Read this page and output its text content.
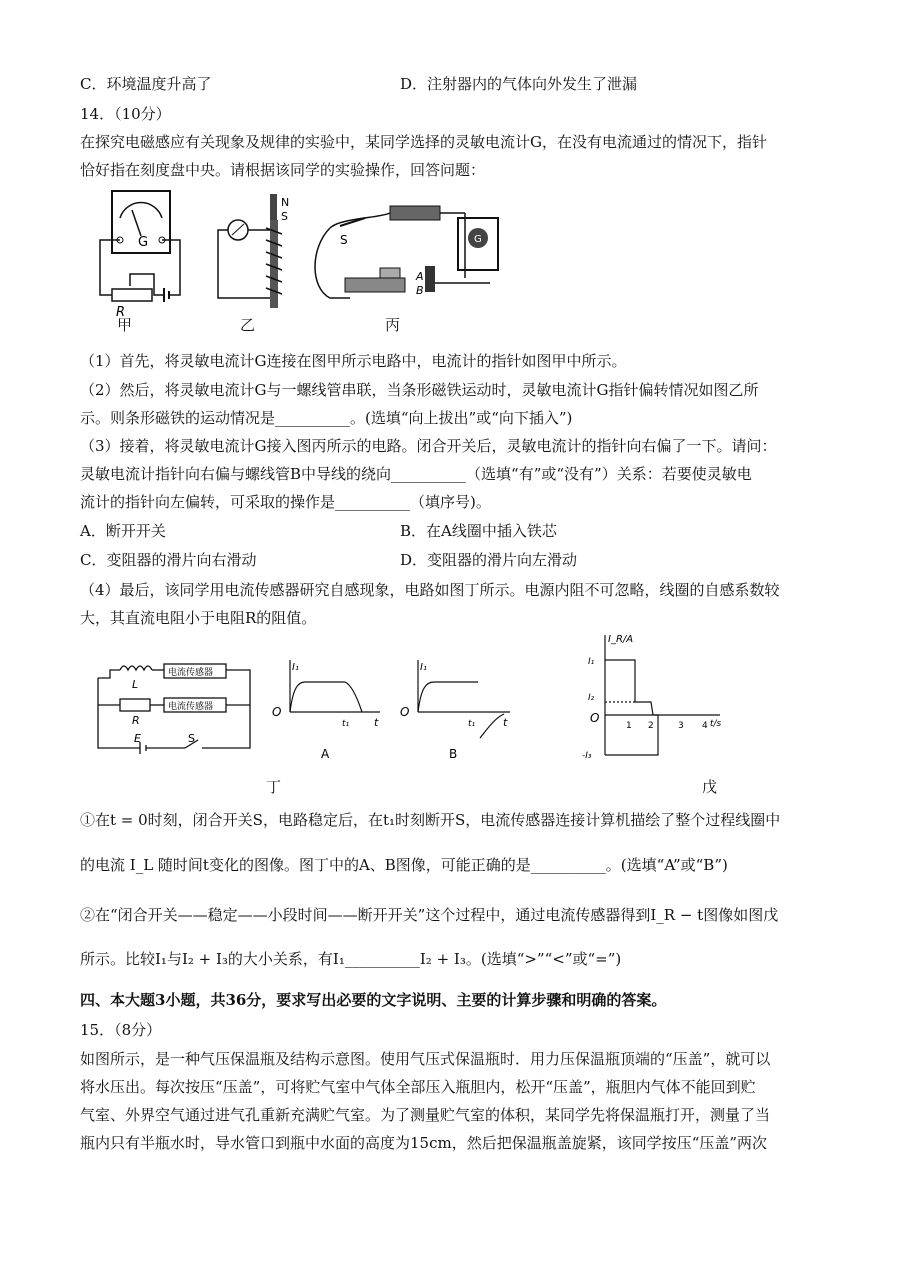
C．环境温度升高了	D．注射器内的气体向外发生了泄漏
14．（10分）
在探究电磁感应有关现象及规律的实验中，某同学选择的灵敏电流计G，在没有电流通过的情况下，指针
恰好指在刻度盘中央。请根据该同学的实验操作，回答问题：
G
R
N
S
S
A
B
G
甲	乙	丙
（1）首先，将灵敏电流计G连接在图甲所示电路中，电流计的指针如图甲中所示。
（2）然后，将灵敏电流计G与一螺线管串联，当条形磁铁运动时，灵敏电流计G指针偏转情况如图乙所
示。则条形磁铁的运动情况是__________。(选填“向上拔出”或“向下插入”)
（3）接着，将灵敏电流计G接入图丙所示的电路。闭合开关后，灵敏电流计的指针向右偏了一下。请问：
灵敏电流计指针向右偏与螺线管B中导线的绕向__________（选填“有”或“没有”）关系：若要使灵敏电
流计的指针向左偏转，可采取的操作是__________（填序号)。
A．断开开关	B．在A线圈中插入铁芯
C．变阻器的滑片向右滑动	D．变阻器的滑片向左滑动
（4）最后，该同学用电流传感器研究自感现象，电路如图丁所示。电源内阻不可忽略，线圈的自感系数较
大，其直流电阻小于电阻R的阻值。
电流传感器
电流传感器
L
R
E	S
O
I₁
t₁ t
A
O
I₁
t₁	t
B
I_R/A
I₁
I₂
-I₃
O
1 2	3 4 t/s
丁	戊
①在t = 0时刻，闭合开关S，电路稳定后，在t₁时刻断开S，电流传感器连接计算机描绘了整个过程线圈中
的电流 I_L 随时间t变化的图像。图丁中的A、B图像，可能正确的是__________。(选填“A”或“B”)
②在“闭合开关——稳定——小段时间——断开开关”这个过程中，通过电流传感器得到I_R − t图像如图戊
所示。比较I₁与I₂ + I₃的大小关系，有I₁__________I₂ + I₃。(选填“>”“<”或“=”)
四、本大题3小题，共36分，要求写出必要的文字说明、主要的计算步骤和明确的答案。
15．（8分）
如图所示，是一种气压保温瓶及结构示意图。使用气压式保温瓶时．用力压保温瓶顶端的“压盖”，就可以
将水压出。每次按压“压盖”，可将贮气室中气体全部压入瓶胆内，松开“压盖”，瓶胆内气体不能回到贮
气室、外界空气通过进气孔重新充满贮气室。为了测量贮气室的体积，某同学先将保温瓶打开，测量了当
瓶内只有半瓶水时，导水管口到瓶中水面的高度为15cm，然后把保温瓶盖旋紧，该同学按压“压盖”两次
